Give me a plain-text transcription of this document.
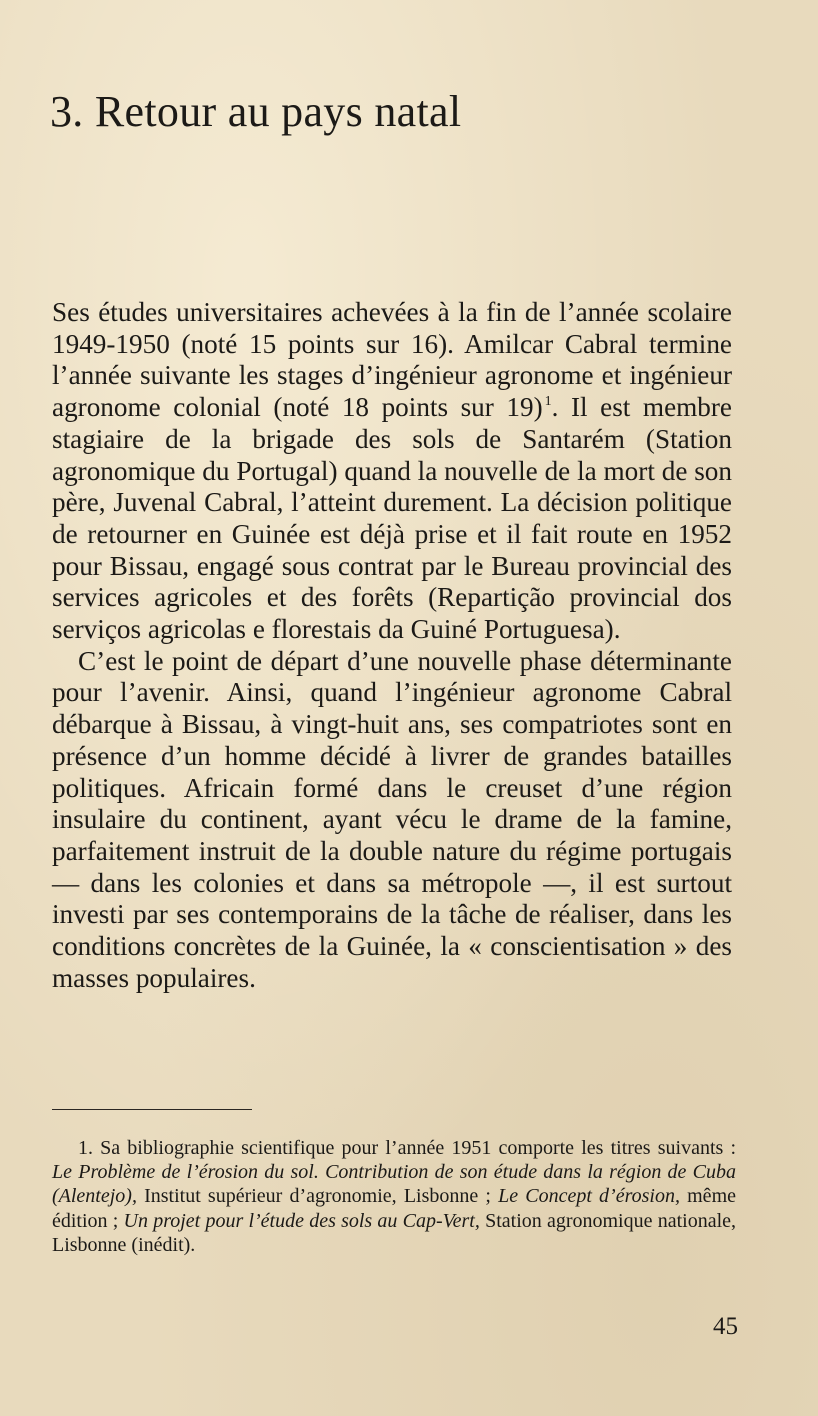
3. Retour au pays natal

Ses études universitaires achevées à la fin de l’année scolaire 1949-1950 (noté 15 points sur 16). Amilcar Cabral termine l’année suivante les stages d’ingénieur agronome et ingénieur agronome colonial (noté 18 points sur 19) $^1$. Il est membre stagiaire de la brigade des sols de Santarém (Station agronomique du Portugal) quand la nouvelle de la mort de son père, Juvenal Cabral, l’atteint durement. La décision politique de retourner en Guinée est déjà prise et il fait route en 1952 pour Bissau, engagé sous contrat par le Bureau provincial des services agricoles et des forêts (Repartição provincial dos serviços agricolas e florestais da Guiné Portuguesa).

C’est le point de départ d’une nouvelle phase déterminante pour l’avenir. Ainsi, quand l’ingénieur agronome Cabral débarque à Bissau, à vingt-huit ans, ses compatriotes sont en présence d’un homme décidé à livrer de grandes batailles politiques. Africain formé dans le creuset d’une région insulaire du continent, ayant vécu le drame de la famine, parfaitement instruit de la double nature du régime portugais — dans les colonies et dans sa métropole —, il est surtout investi par ses contemporains de la tâche de réaliser, dans les conditions concrètes de la Guinée, la « conscientisation » des masses populaires.

1. Sa bibliographie scientifique pour l’année 1951 comporte les titres suivants : Le Problème de l’érosion du sol. Contribution de son étude dans la région de Cuba (Alentejo), Institut supérieur d’agronomie, Lisbonne ; Le Concept d’érosion, même édition ; Un projet pour l’étude des sols au Cap-Vert, Station agronomique nationale, Lisbonne (inédit).

45
